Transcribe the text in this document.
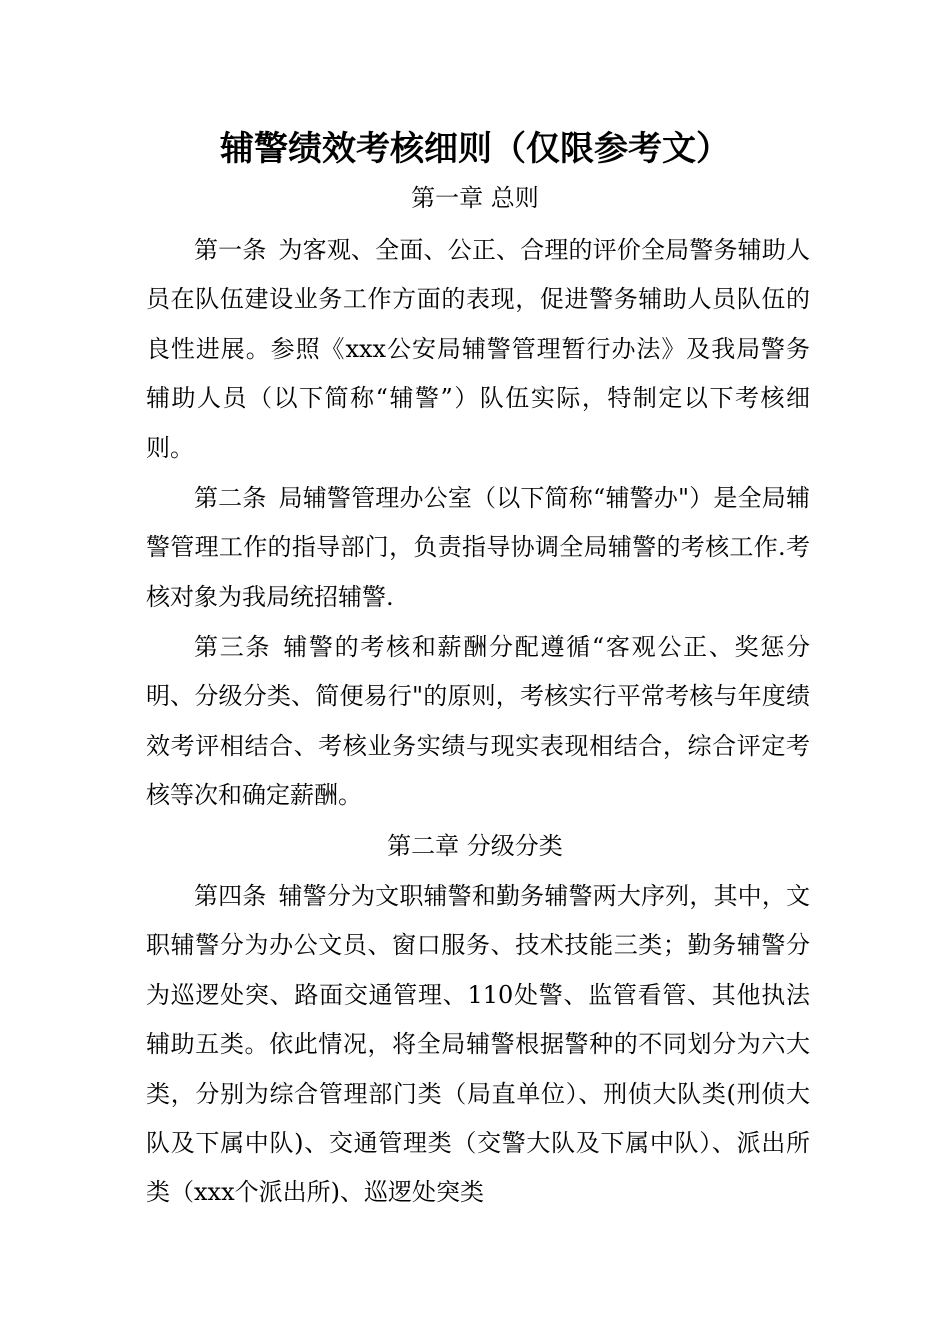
辅警绩效考核细则（仅限参考文）
第一章 总则

第一条 为客观、全面、公正、合理的评价全局警务辅助人员在队伍建设业务工作方面的表现，促进警务辅助人员队伍的良性进展。参照《xxx公安局辅警管理暂行办法》及我局警务辅助人员（以下简称“辅警”）队伍实际，特制定以下考核细则。

第二条 局辅警管理办公室（以下简称“辅警办"）是全局辅警管理工作的指导部门，负责指导协调全局辅警的考核工作.考核对象为我局统招辅警.

第三条 辅警的考核和薪酬分配遵循“客观公正、奖惩分明、分级分类、简便易行"的原则，考核实行平常考核与年度绩效考评相结合、考核业务实绩与现实表现相结合，综合评定考核等次和确定薪酬。

第二章 分级分类

第四条 辅警分为文职辅警和勤务辅警两大序列，其中，文职辅警分为办公文员、窗口服务、技术技能三类；勤务辅警分为巡逻处突、路面交通管理、110处警、监管看管、其他执法辅助五类。依此情况，将全局辅警根据警种的不同划分为六大类，分别为综合管理部门类（局直单位）、刑侦大队类(刑侦大队及下属中队)、交通管理类（交警大队及下属中队）、派出所类（xxx个派出所)、巡逻处突类
